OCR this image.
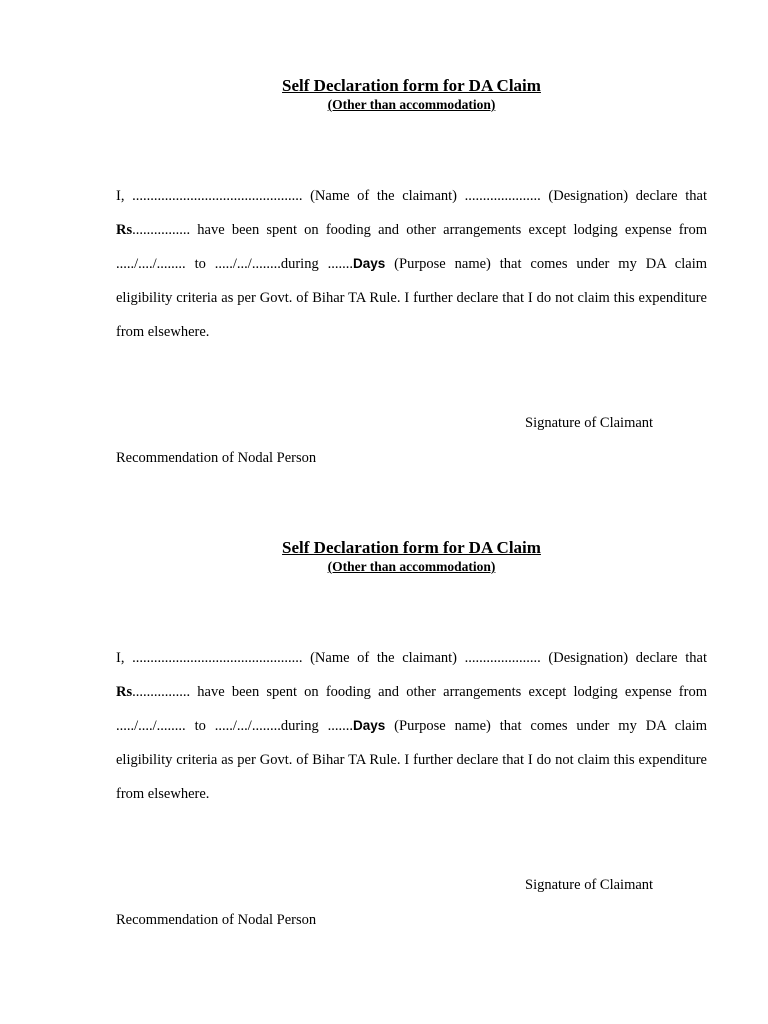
Self Declaration form for DA Claim
(Other than accommodation)
I, ............................................... (Name of the claimant) ..................... (Designation) declare that Rs................ have been spent on fooding and other arrangements except lodging expense from ...../..../........ to ...../.../........during .......Days (Purpose name) that comes under my DA claim eligibility criteria as per Govt. of Bihar TA Rule. I further declare that I do not claim this expenditure from elsewhere.
Signature of Claimant
Recommendation of Nodal Person
Self Declaration form for DA Claim
(Other than accommodation)
I, ............................................... (Name of the claimant) ..................... (Designation) declare that Rs................ have been spent on fooding and other arrangements except lodging expense from ...../..../........ to ...../.../........during .......Days (Purpose name) that comes under my DA claim eligibility criteria as per Govt. of Bihar TA Rule. I further declare that I do not claim this expenditure from elsewhere.
Signature of Claimant
Recommendation of Nodal Person
